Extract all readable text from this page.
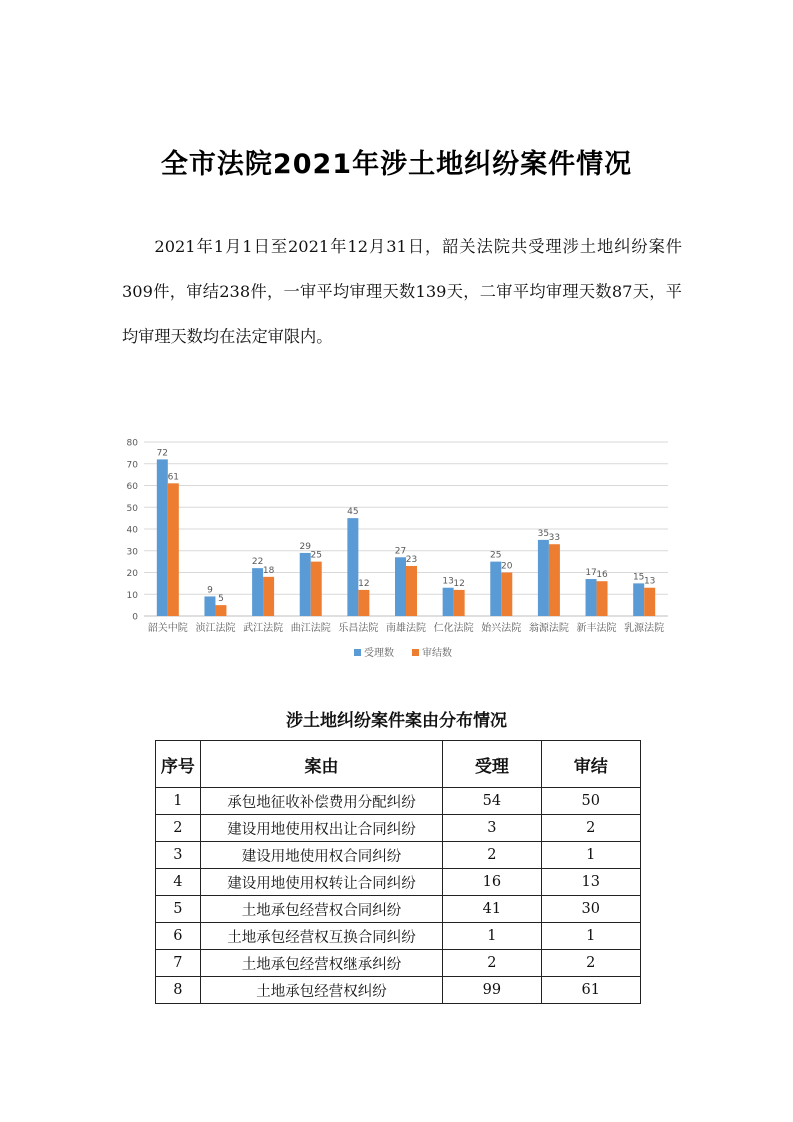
全市法院2021年涉土地纠纷案件情况

2021年1月1日至2021年12月31日，韶关法院共受理涉土地纠纷案件309件，审结238件，一审平均审理天数139天，二审平均审理天数87天，平均审理天数均在法定审限内。

0
10
20
30
40
50
60
70
80
72
61
韶关中院
9
5
浈江法院
22
18
武江法院
29
25
曲江法院
45
12
乐昌法院
27
23
南雄法院
13 12
仁化法院
25
20
始兴法院
35 33
翁源法院
17 16
新丰法院
15 13
乳源法院
受理数	审结数
涉土地纠纷案件案由分布情况
序号	案由	受理	审结
1	承包地征收补偿费用分配纠纷	54	50
2	建设用地使用权出让合同纠纷	3	2
3	建设用地使用权合同纠纷	2	1
4	建设用地使用权转让合同纠纷	16	13
5	土地承包经营权合同纠纷	41	30
6	土地承包经营权互换合同纠纷	1	1
7	土地承包经营权继承纠纷	2	2
8	土地承包经营权纠纷	99	61
